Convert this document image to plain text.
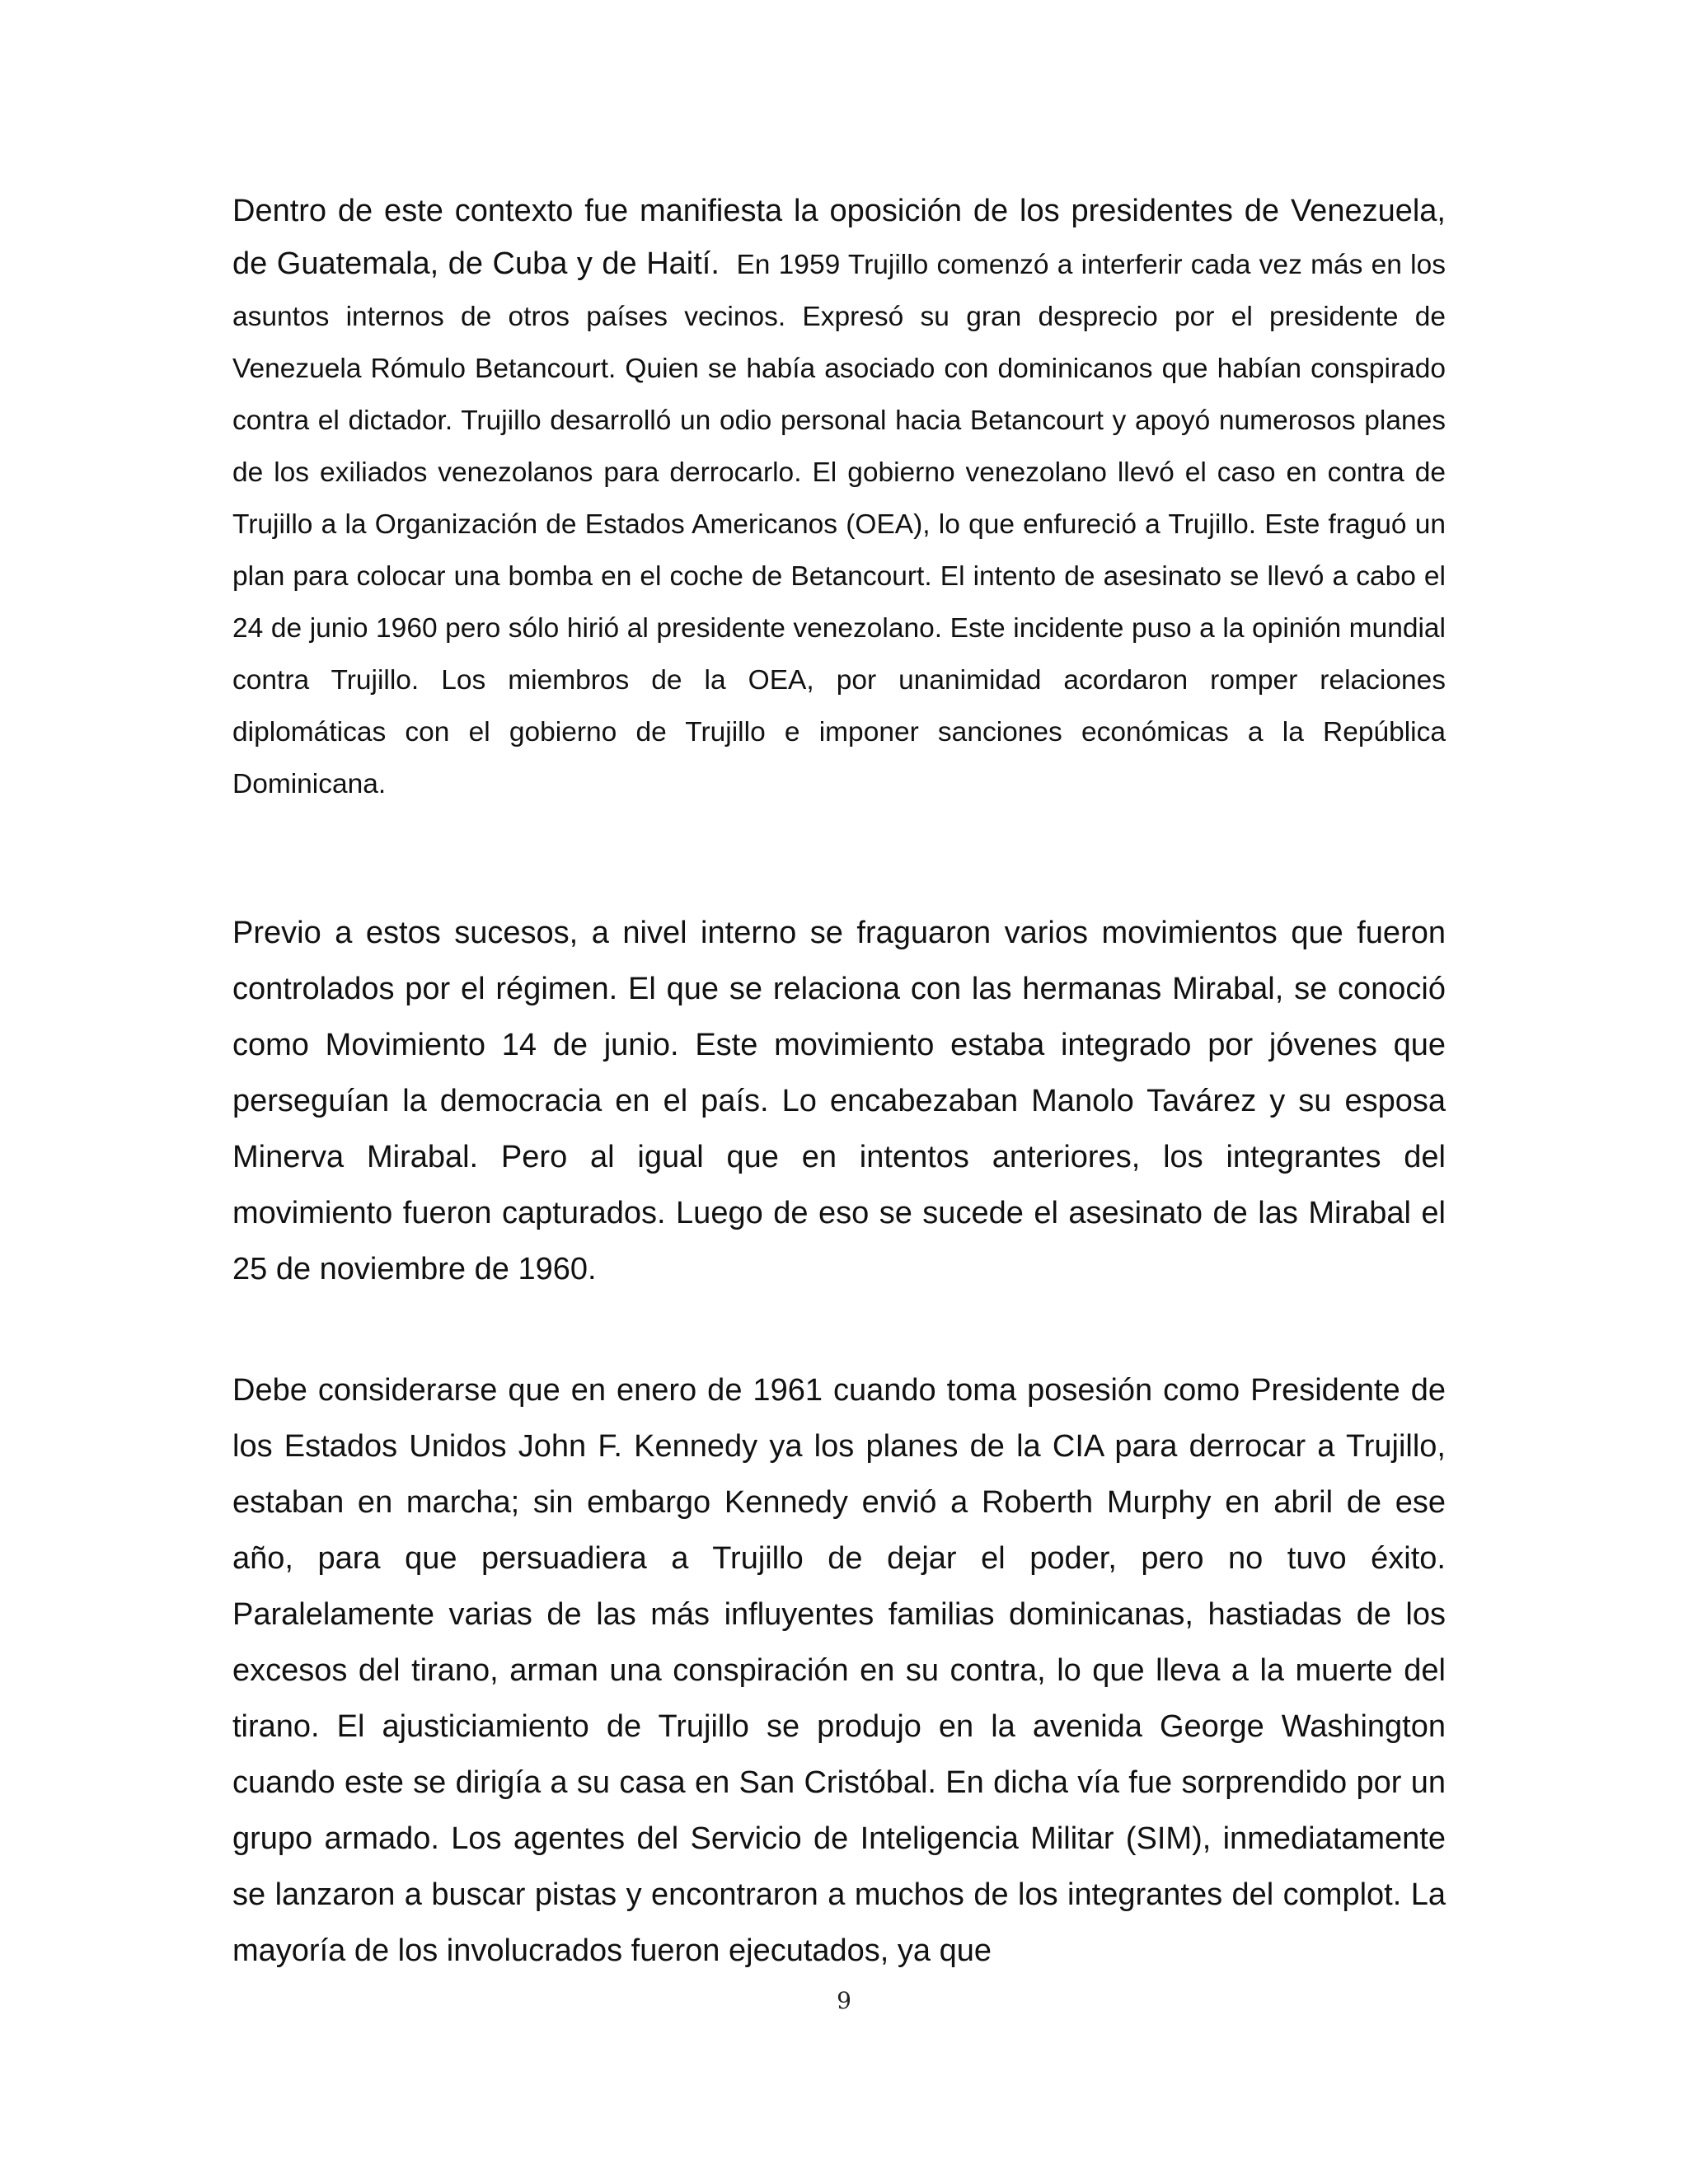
Dentro de este contexto fue manifiesta la oposición de los presidentes de Venezuela, de Guatemala, de Cuba y de Haití. En 1959 Trujillo comenzó a interferir cada vez más en los asuntos internos de otros países vecinos. Expresó su gran desprecio por el presidente de Venezuela Rómulo Betancourt. Quien se había asociado con dominicanos que habían conspirado contra el dictador. Trujillo desarrolló un odio personal hacia Betancourt y apoyó numerosos planes de los exiliados venezolanos para derrocarlo. El gobierno venezolano llevó el caso en contra de Trujillo a la Organización de Estados Americanos (OEA), lo que enfureció a Trujillo. Este fraguó un plan para colocar una bomba en el coche de Betancourt. El intento de asesinato se llevó a cabo el 24 de junio 1960 pero sólo hirió al presidente venezolano. Este incidente puso a la opinión mundial contra Trujillo. Los miembros de la OEA, por unanimidad acordaron romper relaciones diplomáticas con el gobierno de Trujillo e imponer sanciones económicas a la República Dominicana.

Previo a estos sucesos, a nivel interno se fraguaron varios movimientos que fueron controlados por el régimen. El que se relaciona con las hermanas Mirabal, se conoció como Movimiento 14 de junio. Este movimiento estaba integrado por jóvenes que perseguían la democracia en el país. Lo encabezaban Manolo Tavárez y su esposa Minerva Mirabal. Pero al igual que en intentos anteriores, los integrantes del movimiento fueron capturados. Luego de eso se sucede el asesinato de las Mirabal el 25 de noviembre de 1960.

Debe considerarse que en enero de 1961 cuando toma posesión como Presidente de los Estados Unidos John F. Kennedy ya los planes de la CIA para derrocar a Trujillo, estaban en marcha; sin embargo Kennedy envió a Roberth Murphy en abril de ese año, para que persuadiera a Trujillo de dejar el poder, pero no tuvo éxito. Paralelamente varias de las más influyentes familias dominicanas, hastiadas de los excesos del tirano, arman una conspiración en su contra, lo que lleva a la muerte del tirano. El ajusticiamiento de Trujillo se produjo en la avenida George Washington cuando este se dirigía a su casa en San Cristóbal. En dicha vía fue sorprendido por un grupo armado. Los agentes del Servicio de Inteligencia Militar (SIM), inmediatamente se lanzaron a buscar pistas y encontraron a muchos de los integrantes del complot. La mayoría de los involucrados fueron ejecutados, ya que

9
